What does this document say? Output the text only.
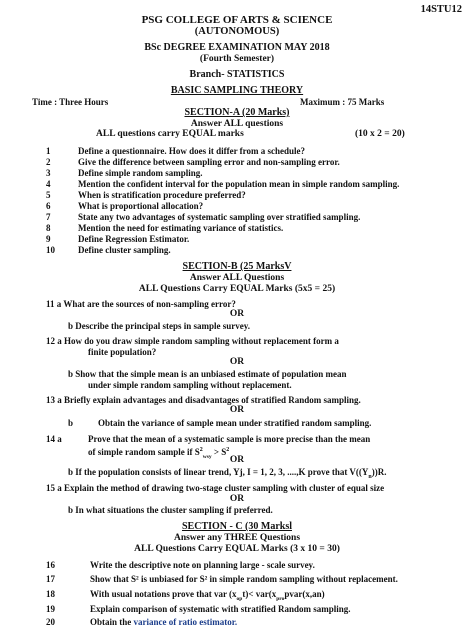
14STU12
PSG COLLEGE OF ARTS & SCIENCE
(AUTONOMOUS)
BSc DEGREE EXAMINATION MAY 2018
(Fourth Semester)
Branch- STATISTICS
BASIC SAMPLING THEORY
Time : Three Hours	Maximum : 75 Marks
SECTION-A (20 Marks)
Answer ALL questions
ALL questions carry EQUAL marks	(10 x 2 = 20)
1	Define a questionnaire. How does it differ from a schedule?
2	Give the difference between sampling error and non-sampling error.
3	Define simple random sampling.
4	Mention the confident interval for the population mean in simple random sampling.
5	When is stratification procedure preferred?
6	What is proportional allocation?
7	State any two advantages of systematic sampling over stratified sampling.
8	Mention the need for estimating variance of statistics.
9	Define Regression Estimator.
10	Define cluster sampling.
SECTION-B (25 MarksV
Answer ALL Questions
ALL Questions Carry EQUAL Marks (5x5 = 25)
11 a What are the sources of non-sampling error?
OR
b Describe the principal steps in sample survey.
12 a How do you draw simple random sampling without replacement form a
finite population?
OR
b Show that the simple mean is an unbiased estimate of population mean
under simple random sampling without replacement.
13 a Briefly explain advantages and disadvantages of stratified Random sampling.
OR
b	Obtain the variance of sample mean under stratified random sampling.
14 a	Prove that the mean of a systematic sample is more precise than the mean
of simple random sample if $S^2_{wsy} > S^2$
OR
b If the population consists of linear trend, Yj, I = 1, 2, 3, ....,K prove that $V((Y_n))R$.
15 a Explain the method of drawing two-stage cluster sampling with cluster of equal size
OR
b In what situations the cluster sampling if preferred.
SECTION - C (30 Marksl
Answer any THREE Questions
ALL Questions Carry EQUAL Marks (3 x 10 = 30)
16	Write the descriptive note on planning large - scale survey.
17	Show that S² is unbiased for S² in simple random sampling without replacement.
18	With usual notations prove that var $(x_{op}t)<$ $var(x_{pro}pvar(x,an)$
19	Explain comparison of systematic with stratified Random sampling.
20	Obtain the variance of ratio estimator.
